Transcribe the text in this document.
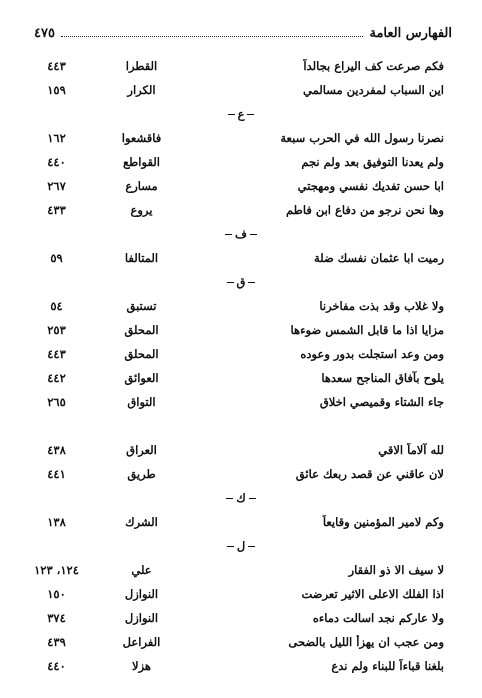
الفهارس العامة
٤٧٥
فكم صرعت كف اليراع بجالداً
القطرا
٤٤٣
اين السباب لمفردين مسالمي
الكرار
١٥٩
ع
نصرنا رسول الله في الحرب سبعة
فاقشعوا
١٦٢
ولم يعدنا التوفيق بعد ولم نجم
القواطع
٤٤٠
ابا حسن تفديك نفسي ومهجتي
مسارع
٢٦٧
وها نحن نرجو من دفاع ابن فاطم
يروع
٤٣٣
ف
رميت ابا عثمان نفسك ضلة
المتالفا
٥٩
ق
ولا غلاب وقد بذت مفاخرنا
تستبق
٥٤
مزايا اذا ما قابل الشمس ضوءها
المحلق
٢٥٣
ومن وعد استجلت بدور وعوده
المحلق
٤٤٣
يلوح بآفاق المناجح سعدها
العوائق
٤٤٢
جاء الشتاء وقميصي اخلاق
التواق
٢٦٥
لله آلاماً الاقي
العراق
٤٣٨
لان عاقني عن قصد ربعك عائق
طريق
٤٤١
ك
وكم لامير المؤمنين وقايعاً
الشرك
١٣٨
ل
لا سيف الا ذو الفقار
علي
١٢٤، ١٢٣
اذا الفلك الاعلى الاثير تعرضت
النوازل
١٥٠
ولا عاركم نجد اسالت دماءه
النوازل
٣٧٤
ومن عجب ان يهزأ الليل بالضحى
الفراعل
٤٣٩
بلغنا قباءاً للبناء ولم ندع
هزلا
٤٤٠
